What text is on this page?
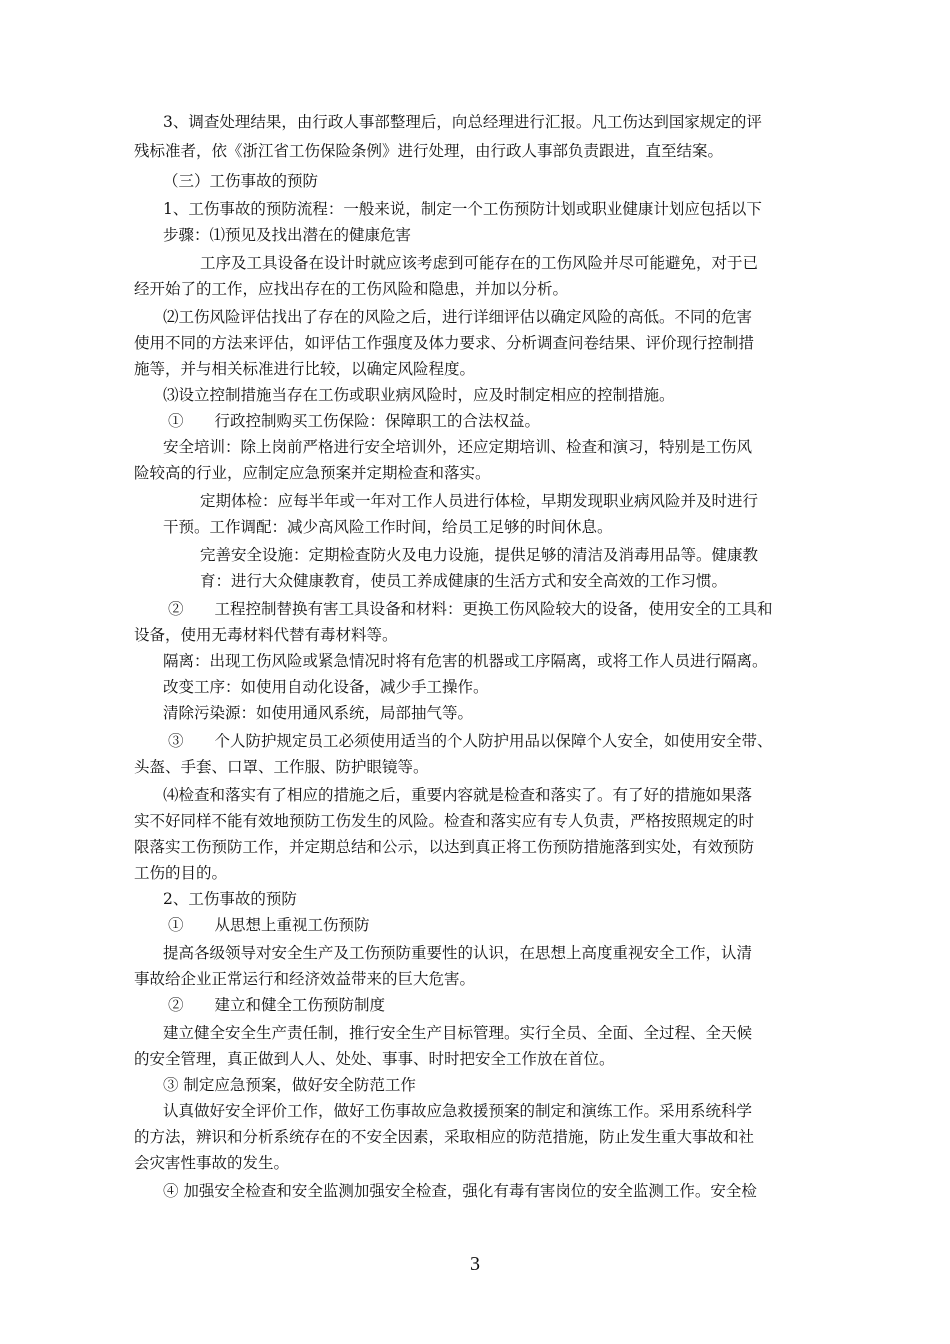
3、调查处理结果，由行政人事部整理后，向总经理进行汇报。凡工伤达到国家规定的评
残标准者，依《浙江省工伤保险条例》进行处理，由行政人事部负责跟进，直至结案。
（三）工伤事故的预防
1、工伤事故的预防流程：一般来说，制定一个工伤预防计划或职业健康计划应包括以下
步骤：⑴预见及找出潜在的健康危害
工序及工具设备在设计时就应该考虑到可能存在的工伤风险并尽可能避免，对于已
经开始了的工作，应找出存在的工伤风险和隐患，并加以分析。
⑵工伤风险评估找出了存在的风险之后，进行详细评估以确定风险的高低。不同的危害
使用不同的方法来评估，如评估工作强度及体力要求、分析调查问卷结果、评价现行控制措
施等，并与相关标准进行比较，以确定风险程度。
⑶设立控制措施当存在工伤或职业病风险时，应及时制定相应的控制措施。
①　　行政控制购买工伤保险：保障职工的合法权益。
安全培训：除上岗前严格进行安全培训外，还应定期培训、检查和演习，特别是工伤风
险较高的行业，应制定应急预案并定期检查和落实。
定期体检：应每半年或一年对工作人员进行体检，早期发现职业病风险并及时进行
干预。工作调配：减少高风险工作时间，给员工足够的时间休息。
完善安全设施：定期检查防火及电力设施，提供足够的清洁及消毒用品等。健康教
育：进行大众健康教育，使员工养成健康的生活方式和安全高效的工作习惯。
②　　工程控制替换有害工具设备和材料：更换工伤风险较大的设备，使用安全的工具和
设备，使用无毒材料代替有毒材料等。
隔离：出现工伤风险或紧急情况时将有危害的机器或工序隔离，或将工作人员进行隔离。
改变工序：如使用自动化设备，减少手工操作。
清除污染源：如使用通风系统，局部抽气等。
③　　个人防护规定员工必须使用适当的个人防护用品以保障个人安全，如使用安全带、
头盔、手套、口罩、工作服、防护眼镜等。
⑷检查和落实有了相应的措施之后，重要内容就是检查和落实了。有了好的措施如果落
实不好同样不能有效地预防工伤发生的风险。检查和落实应有专人负责，严格按照规定的时
限落实工伤预防工作，并定期总结和公示，以达到真正将工伤预防措施落到实处，有效预防
工伤的目的。
2、工伤事故的预防
①　　从思想上重视工伤预防
提高各级领导对安全生产及工伤预防重要性的认识，在思想上高度重视安全工作，认清
事故给企业正常运行和经济效益带来的巨大危害。
②　　建立和健全工伤预防制度
建立健全安全生产责任制，推行安全生产目标管理。实行全员、全面、全过程、全天候
的安全管理，真正做到人人、处处、事事、时时把安全工作放在首位。
③ 制定应急预案，做好安全防范工作
认真做好安全评价工作，做好工伤事故应急救援预案的制定和演练工作。采用系统科学
的方法，辨识和分析系统存在的不安全因素，采取相应的防范措施，防止发生重大事故和社
会灾害性事故的发生。
④ 加强安全检查和安全监测加强安全检查，强化有毒有害岗位的安全监测工作。安全检
3
